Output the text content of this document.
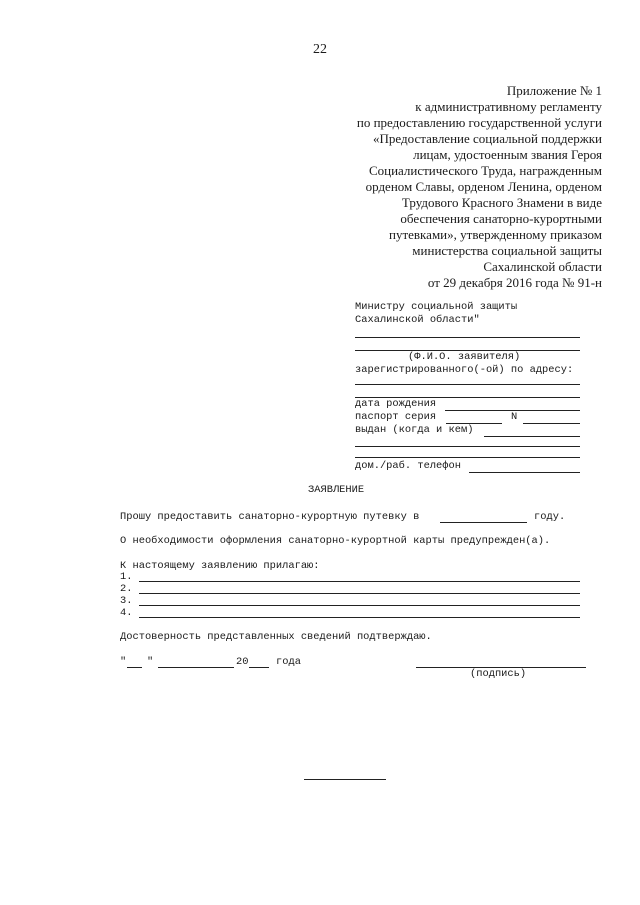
22
Приложение № 1
к административному регламенту
по предоставлению государственной услуги
«Предоставление социальной поддержки
лицам, удостоенным звания Героя
Социалистического Труда, награжденным
орденом Славы, орденом Ленина, орденом
Трудового Красного Знамени в виде
обеспечения санаторно-курортными
путевками», утвержденному приказом
министерства социальной защиты
Сахалинской области
от 29 декабря 2016 года № 91-н
Министру социальной защиты
Сахалинской области"
(Ф.И.О. заявителя)
зарегистрированного(-ой) по адресу:
дата рождения
паспорт серия	N
выдан (когда и кем)
дом./раб. телефон
ЗАЯВЛЕНИЕ
Прошу предоставить санаторно-курортную путевку в	году.
О необходимости оформления санаторно-курортной карты предупрежден(а).
К настоящему заявлению прилагаю:
1.
2.
3.
4.
Достоверность представленных сведений подтверждаю.
" "	20	года
(подпись)
